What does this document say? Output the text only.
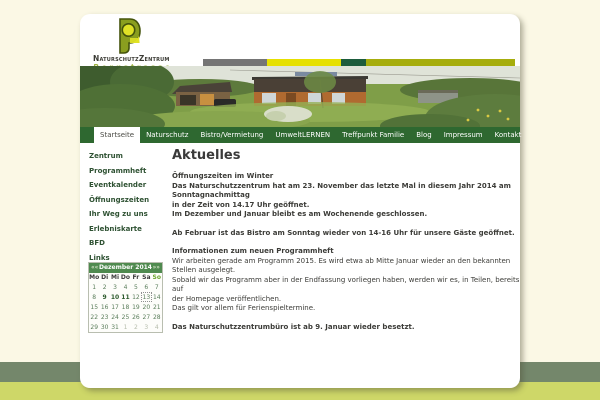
NaturschutzZentrum
Startseite	Naturschutz	Bistro/Vermietung	UmweltLERNEN	Treffpunkt Familie	Blog	Impressum	Kontakt
Zentrum
Programmheft
Eventkalender
Öffnungszeiten
Ihr Weg zu uns
Erlebniskarte
BFD
Links
«« Dezember 2014 »»
Mo	Di	Mi	Do	Fr	Sa	So
1	2	3	4	5	6	7
8	9	10	11	12	13	14
15	16	17	18	19	20	21
22	23	24	25	26	27	28
29	30	31	1	2	3	4
Aktuelles
Öffnungszeiten im Winter
Das Naturschutzzentrum hat am 23. November das letzte Mal in diesem Jahr 2014 am Sonntagnachmittag
in der Zeit von 14.17 Uhr geöffnet.
Im Dezember und Januar bleibt es am Wochenende geschlossen.
Ab Februar ist das Bistro am Sonntag wieder von 14-16 Uhr für unsere Gäste geöffnet.
Informationen zum neuen Programmheft
Wir arbeiten gerade am Programm 2015. Es wird etwa ab Mitte Januar wieder an den bekannten
Stellen ausgelegt.
Sobald wir das Programm aber in der Endfassung vorliegen haben, werden wir es, in Teilen, bereits auf
der Homepage veröffentlichen.
Das gilt vor allem für Ferienspieltermine.
Das Naturschutzzentrumbüro ist ab 9. Januar wieder besetzt.
